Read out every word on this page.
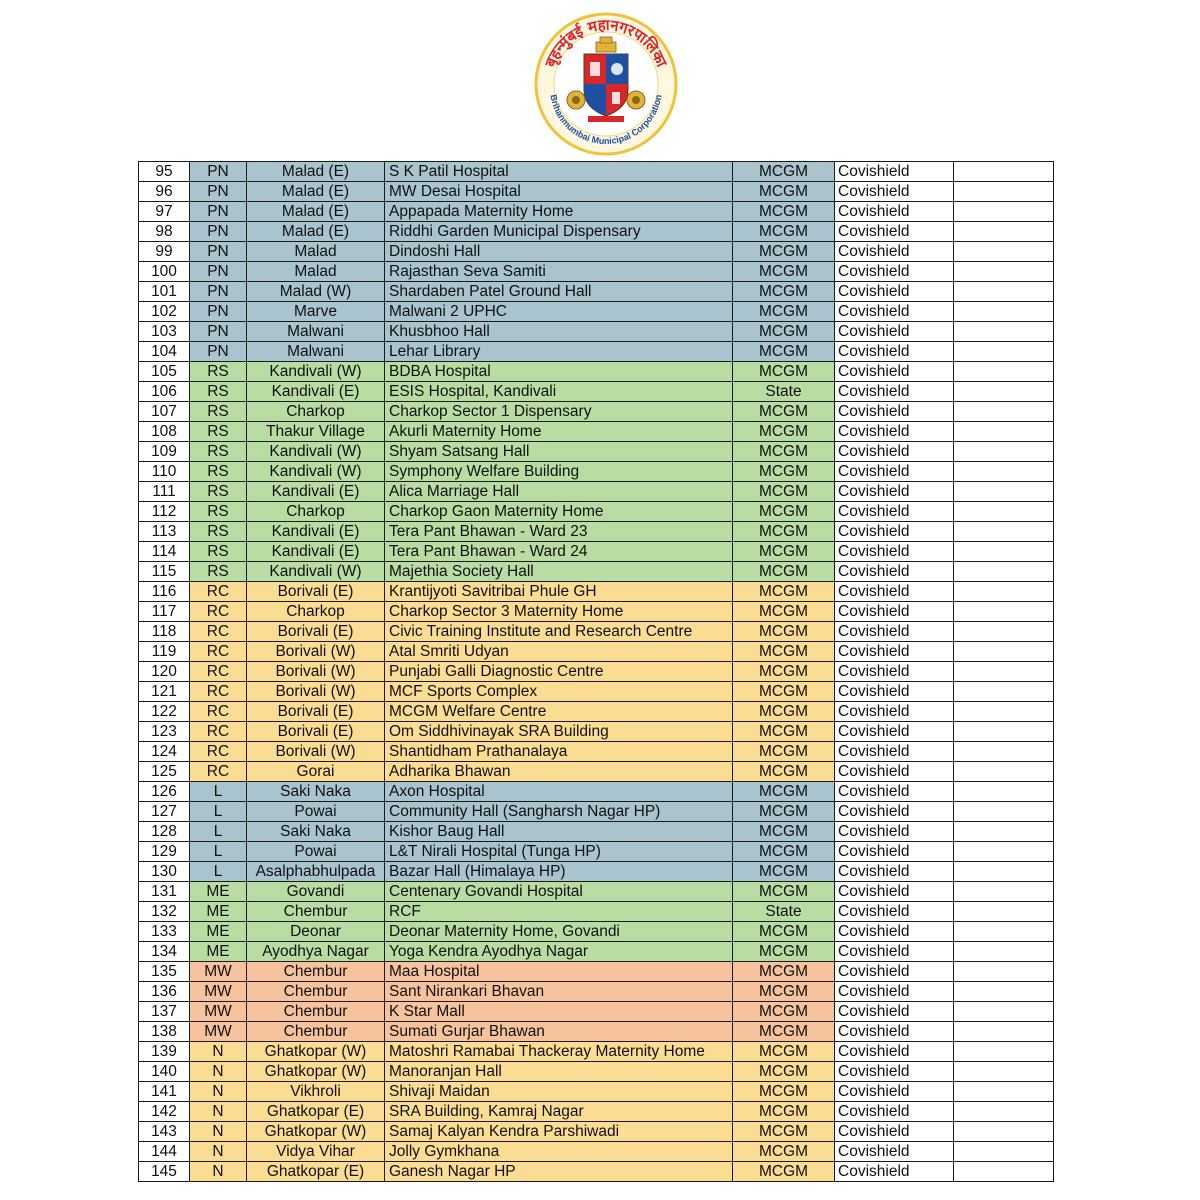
बृहन्मुंबई महानगरपालिका
Brihanmumbai Municipal Corporation
95	PN	Malad (E)	S K Patil Hospital	MCGM	Covishield	
96	PN	Malad (E)	MW Desai Hospital	MCGM	Covishield	
97	PN	Malad (E)	Appapada Maternity Home	MCGM	Covishield	
98	PN	Malad (E)	Riddhi Garden Municipal Dispensary	MCGM	Covishield	
99	PN	Malad	Dindoshi Hall	MCGM	Covishield	
100	PN	Malad	Rajasthan Seva Samiti	MCGM	Covishield	
101	PN	Malad (W)	Shardaben Patel Ground Hall	MCGM	Covishield	
102	PN	Marve	Malwani 2 UPHC	MCGM	Covishield	
103	PN	Malwani	Khusbhoo Hall	MCGM	Covishield	
104	PN	Malwani	Lehar Library	MCGM	Covishield	
105	RS	Kandivali (W)	BDBA Hospital	MCGM	Covishield	
106	RS	Kandivali (E)	ESIS Hospital, Kandivali	State	Covishield	
107	RS	Charkop	Charkop Sector 1 Dispensary	MCGM	Covishield	
108	RS	Thakur Village	Akurli Maternity Home	MCGM	Covishield	
109	RS	Kandivali (W)	Shyam Satsang Hall	MCGM	Covishield	
110	RS	Kandivali (W)	Symphony Welfare Building	MCGM	Covishield	
111	RS	Kandivali (E)	Alica Marriage Hall	MCGM	Covishield	
112	RS	Charkop	Charkop Gaon Maternity Home	MCGM	Covishield	
113	RS	Kandivali (E)	Tera Pant Bhawan - Ward 23	MCGM	Covishield	
114	RS	Kandivali (E)	Tera Pant Bhawan - Ward 24	MCGM	Covishield	
115	RS	Kandivali (W)	Majethia Society Hall	MCGM	Covishield	
116	RC	Borivali (E)	Krantijyoti Savitribai Phule GH	MCGM	Covishield	
117	RC	Charkop	Charkop Sector 3 Maternity Home	MCGM	Covishield	
118	RC	Borivali (E)	Civic Training Institute and Research Centre	MCGM	Covishield	
119	RC	Borivali (W)	Atal Smriti Udyan	MCGM	Covishield	
120	RC	Borivali (W)	Punjabi Galli Diagnostic Centre	MCGM	Covishield	
121	RC	Borivali (W)	MCF Sports Complex	MCGM	Covishield	
122	RC	Borivali (E)	MCGM Welfare Centre	MCGM	Covishield	
123	RC	Borivali (E)	Om Siddhivinayak SRA Building	MCGM	Covishield	
124	RC	Borivali (W)	Shantidham Prathanalaya	MCGM	Covishield	
125	RC	Gorai	Adharika Bhawan	MCGM	Covishield	
126	L	Saki Naka	Axon Hospital	MCGM	Covishield	
127	L	Powai	Community Hall (Sangharsh Nagar HP)	MCGM	Covishield	
128	L	Saki Naka	Kishor Baug Hall	MCGM	Covishield	
129	L	Powai	L&T Nirali Hospital (Tunga HP)	MCGM	Covishield	
130	L	Asalphabhulpada	Bazar Hall (Himalaya HP)	MCGM	Covishield	
131	ME	Govandi	Centenary Govandi Hospital	MCGM	Covishield	
132	ME	Chembur	RCF	State	Covishield	
133	ME	Deonar	Deonar Maternity Home, Govandi	MCGM	Covishield	
134	ME	Ayodhya Nagar	Yoga Kendra Ayodhya Nagar	MCGM	Covishield	
135	MW	Chembur	Maa Hospital	MCGM	Covishield	
136	MW	Chembur	Sant Nirankari Bhavan	MCGM	Covishield	
137	MW	Chembur	K Star Mall	MCGM	Covishield	
138	MW	Chembur	Sumati Gurjar Bhawan	MCGM	Covishield	
139	N	Ghatkopar (W)	Matoshri Ramabai Thackeray Maternity Home	MCGM	Covishield	
140	N	Ghatkopar (W)	Manoranjan Hall	MCGM	Covishield	
141	N	Vikhroli	Shivaji Maidan	MCGM	Covishield	
142	N	Ghatkopar (E)	SRA Building, Kamraj Nagar	MCGM	Covishield	
143	N	Ghatkopar (W)	Samaj Kalyan Kendra Parshiwadi	MCGM	Covishield	
144	N	Vidya Vihar	Jolly Gymkhana	MCGM	Covishield	
145	N	Ghatkopar (E)	Ganesh Nagar HP	MCGM	Covishield	
